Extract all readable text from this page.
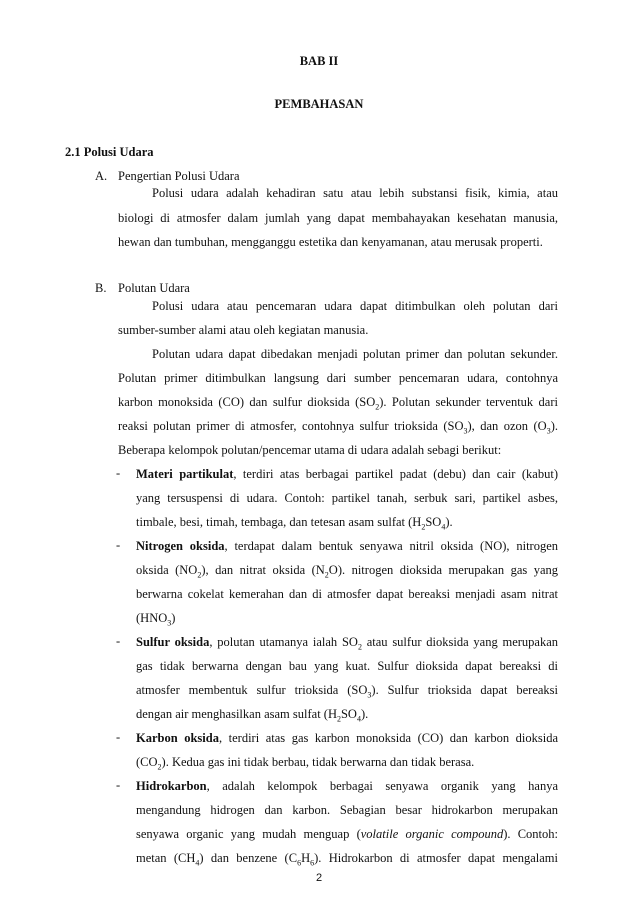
BAB II
PEMBAHASAN
2.1 Polusi Udara
A. Pengertian Polusi Udara
Polusi udara adalah kehadiran satu atau lebih substansi fisik, kimia, atau
biologi di atmosfer dalam jumlah yang dapat membahayakan kesehatan manusia,
hewan dan tumbuhan, mengganggu estetika dan kenyamanan, atau merusak properti.
B. Polutan Udara
Polusi udara atau pencemaran udara dapat ditimbulkan oleh polutan dari
sumber-sumber alami atau oleh kegiatan manusia.
Polutan udara dapat dibedakan menjadi polutan primer dan polutan sekunder.
Polutan primer ditimbulkan langsung dari sumber pencemaran udara, contohnya
karbon monoksida (CO) dan sulfur dioksida $(SO_2)$. Polutan sekunder terventuk dari
reaksi polutan primer di atmosfer, contohnya sulfur trioksida $(SO_3)$, dan ozon $(O_3)$.
Beberapa kelompok polutan/pencemar utama di udara adalah sebagi berikut:
- Materi partikulat, terdiri atas berbagai partikel padat (debu) dan cair (kabut)
yang tersuspensi di udara. Contoh: partikel tanah, serbuk sari, partikel asbes,
timbale, besi, timah, tembaga, dan tetesan asam sulfat $(H_2SO_4)$.
- Nitrogen oksida, terdapat dalam bentuk senyawa nitril oksida (NO), nitrogen
oksida $(NO_2)$, dan nitrat oksida $(N_2O)$. nitrogen dioksida merupakan gas yang
berwarna cokelat kemerahan dan di atmosfer dapat bereaksi menjadi asam nitrat
$(HNO_3)$
- Sulfur oksida, polutan utamanya ialah $SO_2$ atau sulfur dioksida yang merupakan
gas tidak berwarna dengan bau yang kuat. Sulfur dioksida dapat bereaksi di
atmosfer membentuk sulfur trioksida $(SO_3)$. Sulfur trioksida dapat bereaksi
dengan air menghasilkan asam sulfat $(H_2SO_4)$.
- Karbon oksida, terdiri atas gas karbon monoksida (CO) dan karbon dioksida
$(CO_2)$. Kedua gas ini tidak berbau, tidak berwarna dan tidak berasa.
- Hidrokarbon, adalah kelompok berbagai senyawa organik yang hanya
mengandung hidrogen dan karbon. Sebagian besar hidrokarbon merupakan
senyawa organic yang mudah menguap (volatile organic compound). Contoh:
metan $(CH_4)$ dan benzene $(C_6H_6)$. Hidrokarbon di atmosfer dapat mengalami
2
